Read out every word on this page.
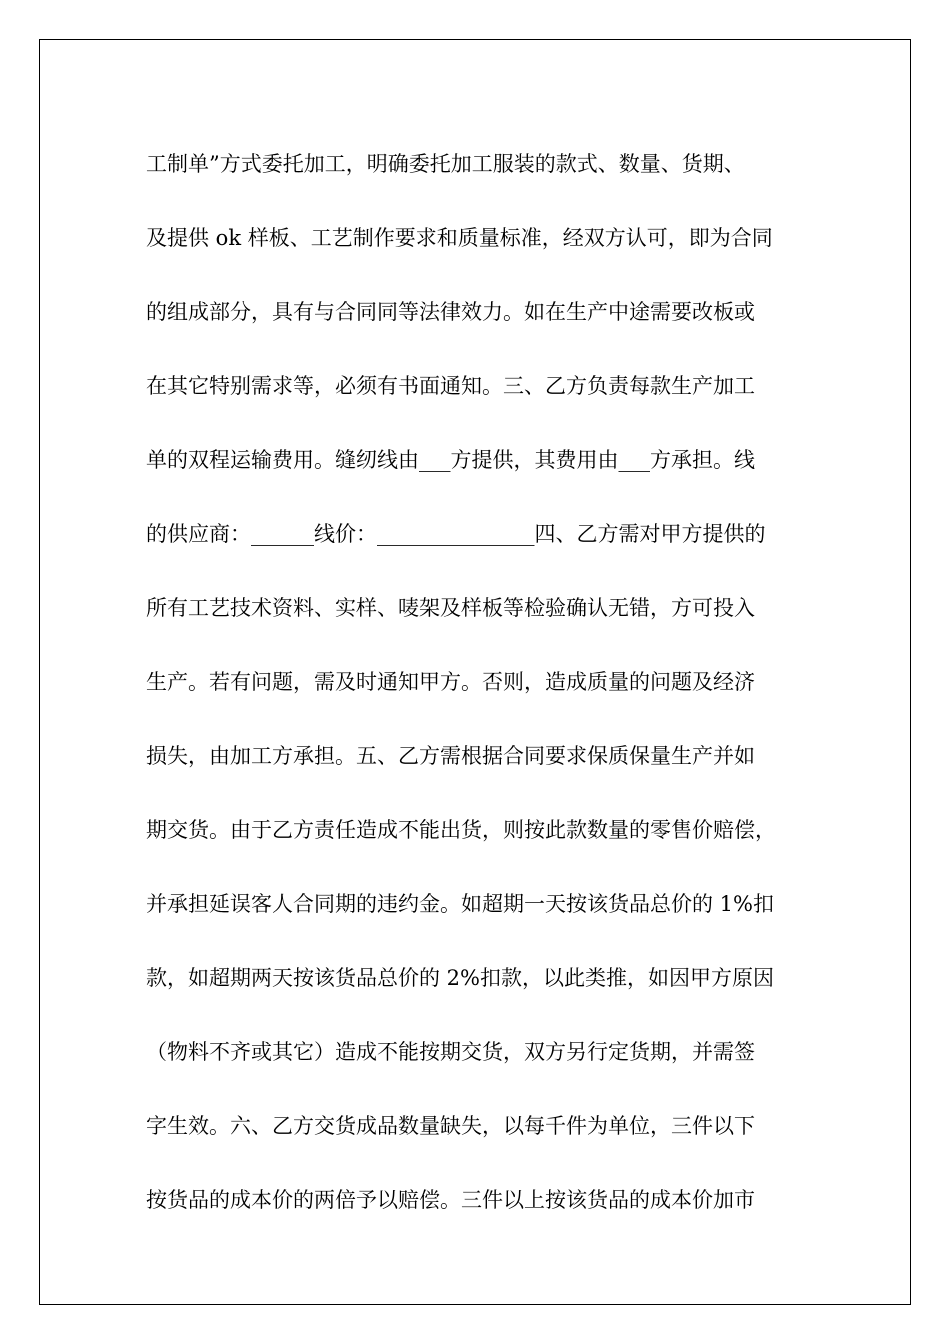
工制单”方式委托加工，明确委托加工服装的款式、数量、货期、
及提供 ok 样板、工艺制作要求和质量标准，经双方认可，即为合同
的组成部分，具有与合同同等法律效力。如在生产中途需要改板或
在其它特别需求等，必须有书面通知。三、乙方负责每款生产加工
单的双程运输费用。缝纫线由___方提供，其费用由___方承担。线
的供应商：______线价：_______________四、乙方需对甲方提供的
所有工艺技术资料、实样、唛架及样板等检验确认无错，方可投入
生产。若有问题，需及时通知甲方。否则，造成质量的问题及经济
损失，由加工方承担。五、乙方需根据合同要求保质保量生产并如
期交货。由于乙方责任造成不能出货，则按此款数量的零售价赔偿，
并承担延误客人合同期的违约金。如超期一天按该货品总价的 1%扣
款，如超期两天按该货品总价的 2%扣款，以此类推，如因甲方原因
（物料不齐或其它）造成不能按期交货，双方另行定货期，并需签
字生效。六、乙方交货成品数量缺失，以每千件为单位，三件以下
按货品的成本价的两倍予以赔偿。三件以上按该货品的成本价加市
